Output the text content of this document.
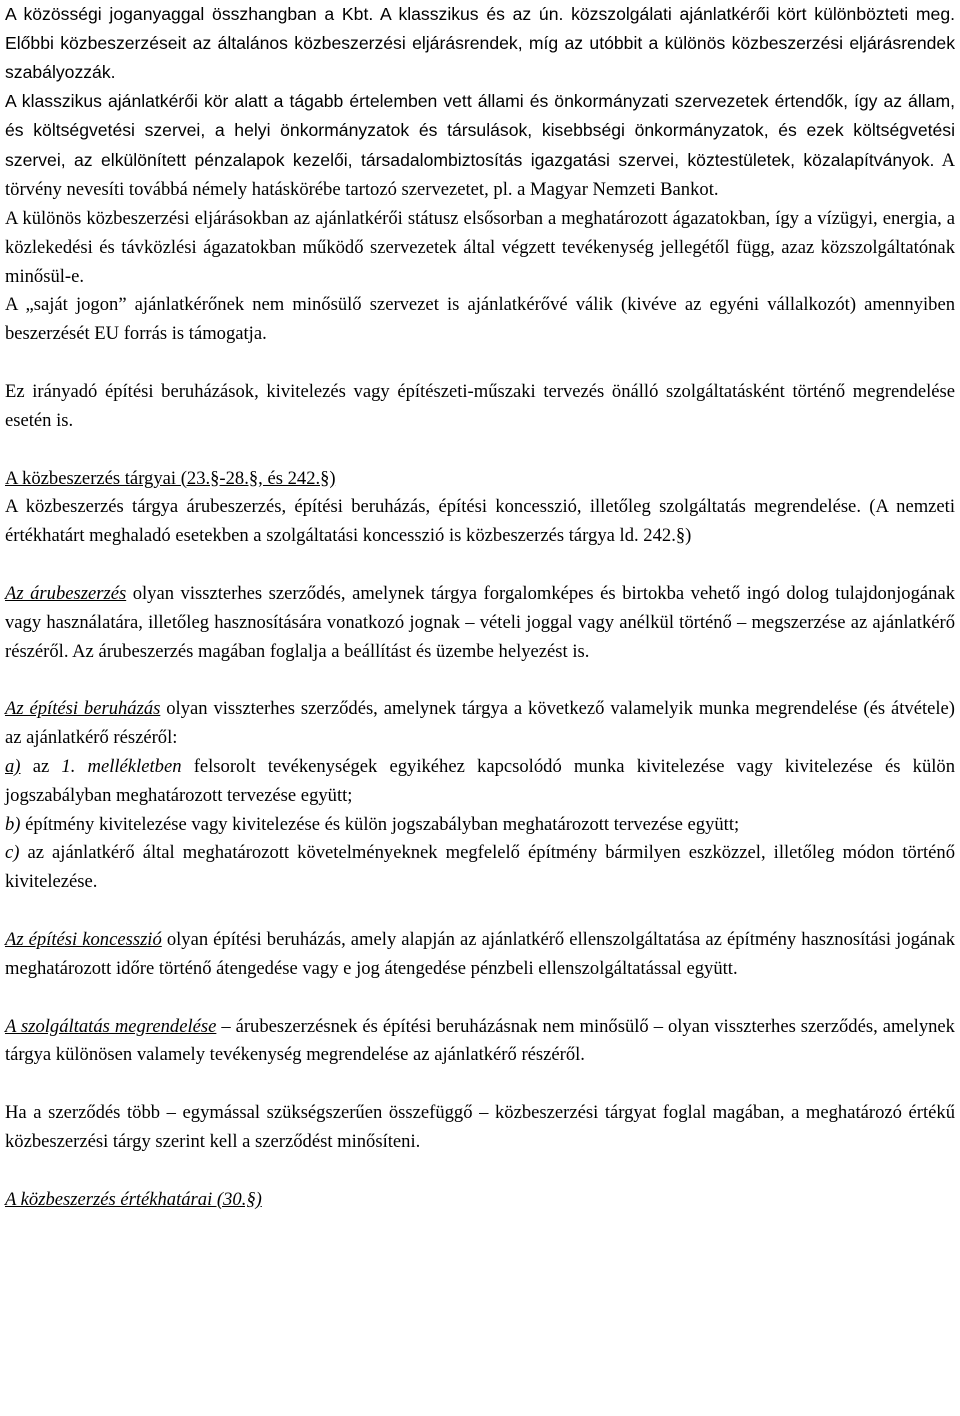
A közösségi joganyaggal összhangban a Kbt. A klasszikus és az ún. közszolgálati ajánlatkérői kört különbözteti meg. Előbbi közbeszerzéseit az általános közbeszerzési eljárásrendek, míg az utóbbit a különös közbeszerzési eljárásrendek szabályozzák.

A klasszikus ajánlatkérői kör alatt a tágabb értelemben vett állami és önkormányzati szervezetek értendők, így az állam, és költségvetési szervei, a helyi önkormányzatok és társulások, kisebbségi önkormányzatok, és ezek költségvetési szervei, az elkülönített pénzalapok kezelői, társadalombiztosítás igazgatási szervei, köztestületek, közalapítványok. A törvény nevesíti továbbá némely hatáskörébe tartozó szervezetet, pl. a Magyar Nemzeti Bankot.

A különös közbeszerzési eljárásokban az ajánlatkérői státusz elsősorban a meghatározott ágazatokban, így a vízügyi, energia, a közlekedési és távközlési ágazatokban működő szervezetek által végzett tevékenység jellegétől függ, azaz közszolgáltatónak minősül-e.

A „saját jogon” ajánlatkérőnek nem minősülő szervezet is ajánlatkérővé válik (kivéve az egyéni vállalkozót) amennyiben beszerzését EU forrás is támogatja.

Ez irányadó építési beruházások, kivitelezés vagy építészeti-műszaki tervezés önálló szolgáltatásként történő megrendelése esetén is.

A közbeszerzés tárgyai (23.§-28.§, és 242.§)

A közbeszerzés tárgya árubeszerzés, építési beruházás, építési koncesszió, illetőleg szolgáltatás megrendelése. (A nemzeti értékhatárt meghaladó esetekben a szolgáltatási koncesszió is közbeszerzés tárgya ld. 242.§)

Az árubeszerzés olyan visszterhes szerződés, amelynek tárgya forgalomképes és birtokba vehető ingó dolog tulajdonjogának vagy használatára, illetőleg hasznosítására vonatkozó jognak – vételi joggal vagy anélkül történő – megszerzése az ajánlatkérő részéről. Az árubeszerzés magában foglalja a beállítást és üzembe helyezést is.

Az építési beruházás olyan visszterhes szerződés, amelynek tárgya a következő valamelyik munka megrendelése (és átvétele) az ajánlatkérő részéről:

a) az 1. mellékletben felsorolt tevékenységek egyikéhez kapcsolódó munka kivitelezése vagy kivitelezése és külön jogszabályban meghatározott tervezése együtt;

b) építmény kivitelezése vagy kivitelezése és külön jogszabályban meghatározott tervezése együtt;

c) az ajánlatkérő által meghatározott követelményeknek megfelelő építmény bármilyen eszközzel, illetőleg módon történő kivitelezése.

Az építési koncesszió olyan építési beruházás, amely alapján az ajánlatkérő ellenszolgáltatása az építmény hasznosítási jogának meghatározott időre történő átengedése vagy e jog átengedése pénzbeli ellenszolgáltatással együtt.

A szolgáltatás megrendelése – árubeszerzésnek és építési beruházásnak nem minősülő – olyan visszterhes szerződés, amelynek tárgya különösen valamely tevékenység megrendelése az ajánlatkérő részéről.

Ha a szerződés több – egymással szükségszerűen összefüggő – közbeszerzési tárgyat foglal magában, a meghatározó értékű közbeszerzési tárgy szerint kell a szerződést minősíteni.

A közbeszerzés értékhatárai (30.§)
